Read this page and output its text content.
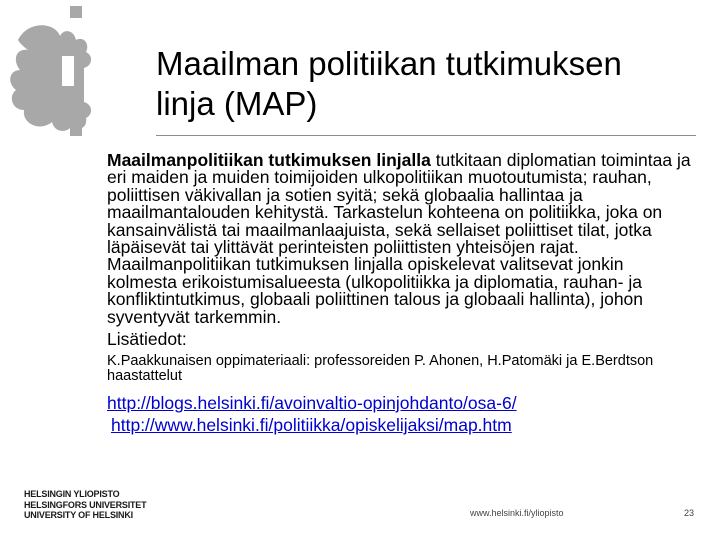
Maailman politiikan tutkimuksen
linja (MAP)

Maailmanpolitiikan tutkimuksen linjalla tutkitaan diplomatian toimintaa ja eri maiden ja muiden toimijoiden ulkopolitiikan muotoutumista; rauhan, poliittisen väkivallan ja sotien syitä; sekä globaalia hallintaa ja maailmantalouden kehitystä. Tarkastelun kohteena on politiikka, joka on kansainvälistä tai maailmanlaajuista, sekä sellaiset poliittiset tilat, jotka läpäisevät tai ylittävät perinteisten poliittisten yhteisöjen rajat. Maailmanpolitiikan tutkimuksen linjalla opiskelevat valitsevat jonkin kolmesta erikoistumisalueesta (ulkopolitiikka ja diplomatia, rauhan- ja konfliktintutkimus, globaali poliittinen talous ja globaali hallinta), johon syventyvät tarkemmin.

Lisätiedot:

K.Paakkunaisen oppimateriaali: professoreiden P. Ahonen, H.Patomäki ja E.Berdtson haastattelut

http://blogs.helsinki.fi/avoinvaltio-opinjohdanto/osa-6/
http://www.helsinki.fi/politiikka/opiskelijaksi/map.htm
HELSINGIN YLIOPISTO
HELSINGFORS UNIVERSITET
UNIVERSITY OF HELSINKI	www.helsinki.fi/yliopisto	23
